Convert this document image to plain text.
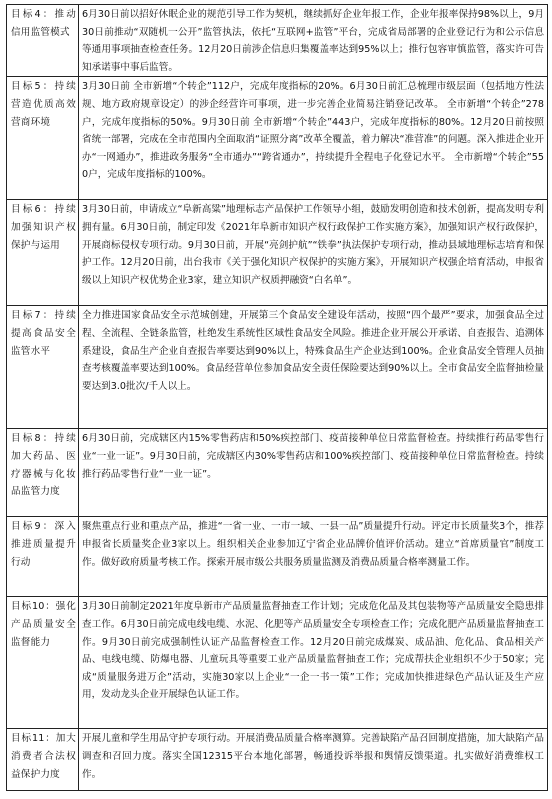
目标4：推动信用监管模式	6月30日前以招好休眠企业的规范引导工作为契机，继续抓好企业年报工作，企业年报率保持98%以上，9月30日前推动“双随机一公开”监管执法，依托“互联网+监管”平台，完成省局部署的企业登记行为和公示信息等通用事项抽查检查任务。12月20日前涉企信息归集覆盖率达到95%以上；推行包容审慎监管，落实许可告知承诺事中事后监管。
目标5：持续营造优质高效营商环境	3月30日前 全市新增“个转企”112户，完成年度指标的20%。6月30日前汇总梳理市级层面（包括地方性法规、地方政府规章设定）的涉企经营许可事项，进一步完善企业简易注销登记改革。 全市新增“个转企”278户，完成年度指标的50%。9月30日前 全市新增“个转企”443户，完成年度指标的80%。12月20日前按照省统一部署，完成在全市范围内全面取消“证照分离”改革全覆盖，着力解决“准营准”的问题。深入推进企业开办“一网通办”，推进政务服务“全市通办”“跨省通办”，持续提升全程电子化登记水平。 全市新增“个转企”550户，完成年度指标的100%。
目标6：持续加强知识产权保护与运用	3月30日前，申请成立“阜新高粱”地理标志产品保护工作领导小组，鼓励发明创造和技术创新，提高发明专利拥有量。6月30日前，制定印发《2021年阜新市知识产权行政保护工作实施方案》，加强知识产权行政保护，开展商标侵权专项行动。9月30日前，开展“亮剑护航”“铁拳”执法保护专项行动，推动县域地理标志培育和保护工作。12月20日前，出台我市《关于强化知识产权保护的实施方案》，开展知识产权强企培育活动，申报省级以上知识产权优势企业3家，建立知识产权质押融资“白名单”。
目标7：持续提高食品安全监管水平	全力推进国家食品安全示范城创建，开展第三个食品安全建设年活动，按照“四个最严”要求，加强食品全过程、全流程、全链条监管，杜绝发生系统性区域性食品安全风险。推进企业开展公开承诺、自查报告、追溯体系建设，食品生产企业自查报告率要达到90%以上，特殊食品生产企业达到100%。企业食品安全管理人员抽查考核覆盖率要达到100%。食品经营单位参加食品安全责任保险要达到90%以上。全市食品安全监督抽检量要达到3.0批次/千人以上。
目标8：持续加大药品、医疗器械与化妆品监管力度	6月30日前，完成辖区内15%零售药店和50%疾控部门、疫苗接种单位日常监督检查。持续推行药品零售行业“一业一证”。9月30日前，完成辖区内30%零售药店和100%疾控部门、疫苗接种单位日常监督检查。持续推行药品零售行业“一业一证”。
目标9：深入推进质量提升行动	聚焦重点行业和重点产品，推进“一省一业、一市一域、一县一品”质量提升行动。评定市长质量奖3个，推荐申报省长质量奖企业3家以上。组织相关企业参加辽宁省企业品牌价值评价活动。建立“首席质量官”制度工作。做好政府质量考核工作。探索开展市级公共服务质量监测及消费品质量合格率测量工作。
目标10：强化产品质量安全监督能力	3月30日前制定2021年度阜新市产品质量监督抽查工作计划；完成危化品及其包装物等产品质量安全隐患排查工作。6月30日前完成电线电缆、水泥、化肥等产品质量安全专项检查工作；完成化肥产品质量监督抽查工作。9月30日前完成强制性认证产品监督检查工作。12月20日前完成煤炭、成品油、危化品、食品相关产品、电线电缆、防爆电器、儿童玩具等重要工业产品质量监督抽查工作；完成帮扶企业组织不少于50家；完成“质量服务进万企”活动，实施30家以上企业“一企一书一策”工作；完成加快推进绿色产品认证及生产应用，发动龙头企业开展绿色认证工作。
目标11：加大消费者合法权益保护力度	开展儿童和学生用品守护专项行动。开展消费品质量合格率测算。完善缺陷产品召回制度措施，加大缺陷产品调查和召回力度。落实全国12315平台本地化部署，畅通投诉举报和舆情反馈渠道。扎实做好消费维权工作。
